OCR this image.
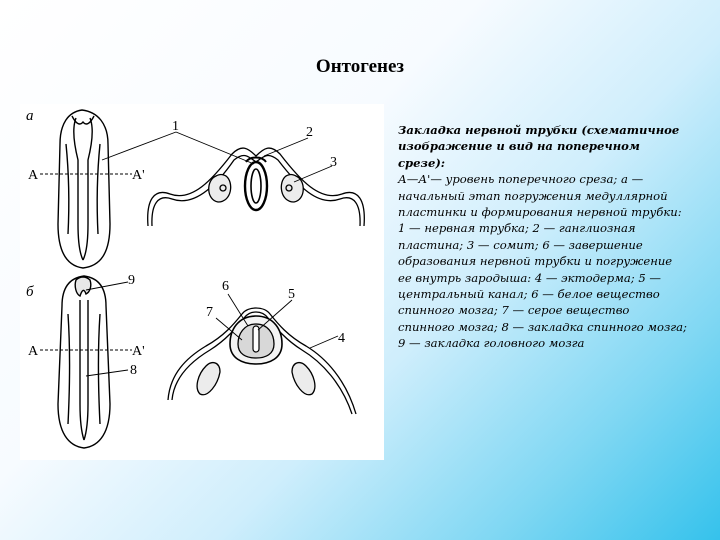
Онтогенез
а
А	А'
1	2
3
б
А	А'
9
8
6
5
7
4
Закладка нервной трубки (схематичное изображение и вид на поперечном срезе):
А—А'— уровень поперечного среза; а — начальный этап погружения медуллярной пластинки и формирования нервной трубки: 1 — нервная трубка; 2 — ганглиозная пластина; 3 — сомит; 6 — завершение образования нервной трубки и погружение ее внутрь зародыша: 4 — эктодерма; 5 — центральный канал; 6 — белое вещество спинного мозга; 7 — серое вещество спинного мозга; 8 — закладка спинного мозга; 9 — закладка головного мозга
